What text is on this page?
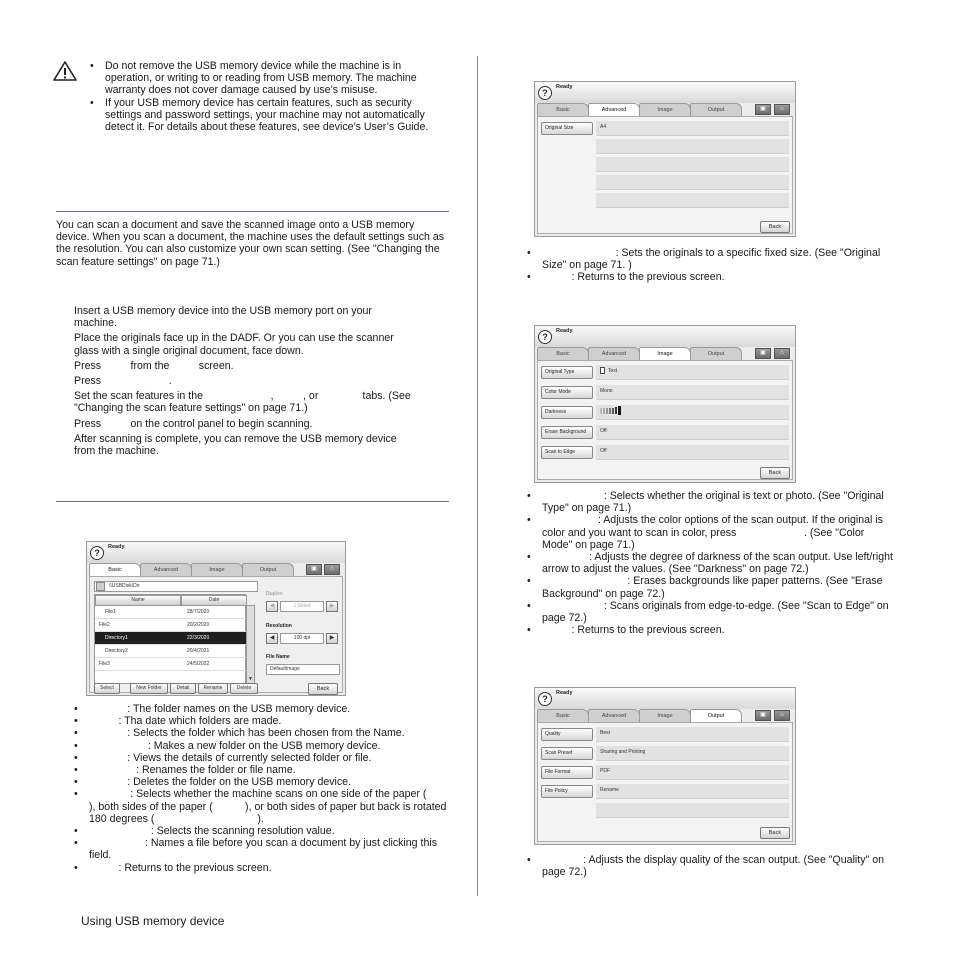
• Do not remove the USB memory device while the machine is in operation, or writing to or reading from USB memory. The machine warranty does not cover damage caused by use’s misuse.
• If your USB memory device has certain features, such as security settings and password settings, your machine may not automatically detect it. For details about these features, see device’s User’s Guide.
You can scan a document and save the scanned image onto a USB memory device. When you scan a document, the machine uses the default settings such as the resolution. You can also customize your own scan setting. (See "Changing the scan feature settings" on page 71.)
Insert a USB memory device into the USB memory port on your
machine.
Place the originals face up in the DADF. Or you can use the scanner
glass with a single original document, face down.
Press          from the          screen.
Press                       .
Set the scan features in the                       ,          , or               tabs. (See
"Changing the scan feature settings" on page 71.)
Press          on the control panel to begin scanning.
After scanning is complete, you can remove the USB memory device
from the machine.
?
Ready
Basic	Advanced	Image	Output	▣	⌂
\\USBDisk\Dir
Name	Date
File1	28/7/2020
File2	20/2/2020
Directory1	22/3/2020
Directory2	20/4/2021
File3	24/5/2022
▼
Duplex
◀	1 Sided	▶
Resolution
◀	100 dpi	▶
File Name
DefaultImage
Select	New Folder	Detail	Rename	Delete	Back
•              : The folder names on the USB memory device.
•           : Tha date which folders are made.
•              : Selects the folder which has been chosen from the Name.
•                     : Makes a new folder on the USB memory device.
•              : Views the details of currently selected folder or file.
•                 : Renames the folder or file name.
•              : Deletes the folder on the USB memory device.
•               : Selects whether the machine scans on one side of the paper (             ), both sides of the paper (           ), or both sides of paper but back is rotated 180 degrees (                                   ).
•                      : Selects the scanning resolution value.
•                    : Names a file before you scan a document by just clicking this field.
•           : Returns to the previous screen.
Using USB memory device
?
Ready
Basic	Advanced	Image	Output	▣	⌂
Original Size	A4
Back
•                          : Sets the originals to a specific fixed size. (See "Original Size" on page 71. )
•           : Returns to the previous screen.
?
Ready
Basic	Advanced	Image	Output	▣	⌂
Original Type	Text
Color Mode	Mono
Darkness
Erase Background	Off
Scan to Edge	Off
Back
•                      : Selects whether the original is text or photo. (See "Original Type" on page 71.)
•                    : Adjusts the color options of the scan output. If the original is color and you want to scan in color, press                       . (See "Color Mode" on page 71.)
•                 : Adjusts the degree of darkness of the scan output. Use left/right arrow to adjust the values. (See "Darkness" on page 72.)
•                              : Erases backgrounds like paper patterns. (See "Erase Background" on page 72.)
•                      : Scans originals from edge-to-edge. (See "Scan to Edge" on page 72.)
•           : Returns to the previous screen.
?
Ready
Basic	Advanced	Image	Output	▣	⌂
Quality	Best
Scan Preset	Sharing and Printing
File Format	PDF
File Policy	Rename
Back
•               : Adjusts the display quality of the scan output. (See "Quality" on page 72.)
